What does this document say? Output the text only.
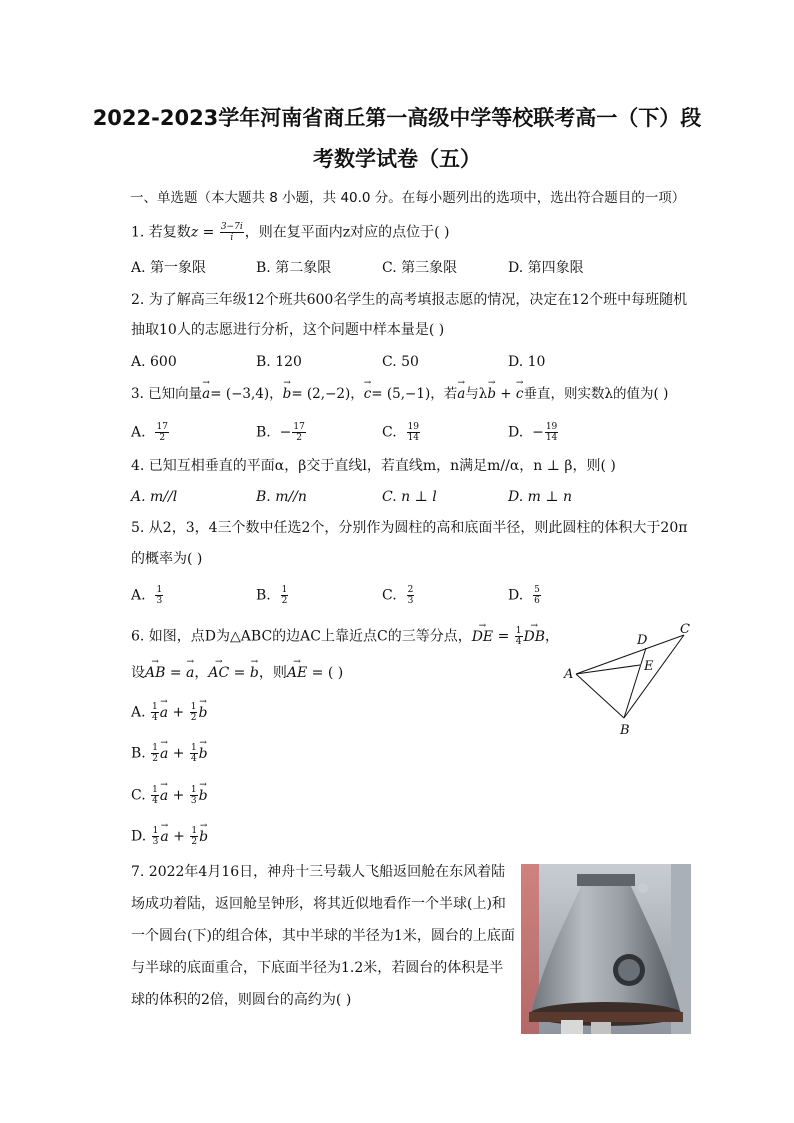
2022-2023学年河南省商丘第一高级中学等校联考高一（下）段
考数学试卷（五）
一、单选题（本大题共 8 小题，共 40.0 分。在每小题列出的选项中，选出符合题目的一项）
1. 若复数$z = \frac{3-7i}{i}$ ，则在复平面内z对应的点位于( )
A. 第一象限	B. 第二象限	C. 第三象限	D. 第四象限
2. 为了解高三年级12个班共600名学生的高考填报志愿的情况，决定在12个班中每班随机
抽取10人的志愿进行分析，这个问题中样本量是( )
A. 600	B. 120	C. 50	D. 10
3. 已知向量→ a= (−3,4)，→ b= (2,−2)，→ c= (5,−1)，若→ a与λ→ b + → c垂直，则实数λ的值为( )
A. $\frac{17}{2}$	B. − $\frac{17}{2}$	C. $\frac{19}{14}$	D. − $\frac{19}{14}$
4. 已知互相垂直的平面α，β交于直线l，若直线m，n满足m//α，n ⊥ β，则( )
A. m//l	B. m//n	C. n ⊥ l	D. m ⊥ n
5. 从2，3，4三个数中任选2个，分别作为圆柱的高和底面半径，则此圆柱的体积大于20π
的概率为( )
A. $\frac{1}{3}$	B. $\frac{1}{2}$	C. $\frac{2}{3}$	D. $\frac{5}{6}$
6. 如图，点D为△ABC的边AC上靠近点C的三等分点，→ DE = $\frac{1}{4}$
→ DB，
设→ AB = → a，→ AC = → b，则→ AE = ( )
A. $\frac{1}{4}$
→ $a + \frac{1}{2}$
→ b
B. $\frac{1}{2}$
→ $a + \frac{1}{4}$
→ b
C. $\frac{1}{4}$
→ $a + \frac{1}{3}$
→ b
D. $\frac{1}{3}$
→ $a + \frac{1}{2}$
→ b
A
B
C
D
E
7. 2022年4月16日，神舟十三号载人飞船返回舱在东风着陆
场成功着陆，返回舱呈钟形，将其近似地看作一个半球(上)和
一个圆台(下)的组合体，其中半球的半径为1米，圆台的上底面
与半球的底面重合，下底面半径为1.2米，若圆台的体积是半
球的体积的2倍，则圆台的高约为( )
